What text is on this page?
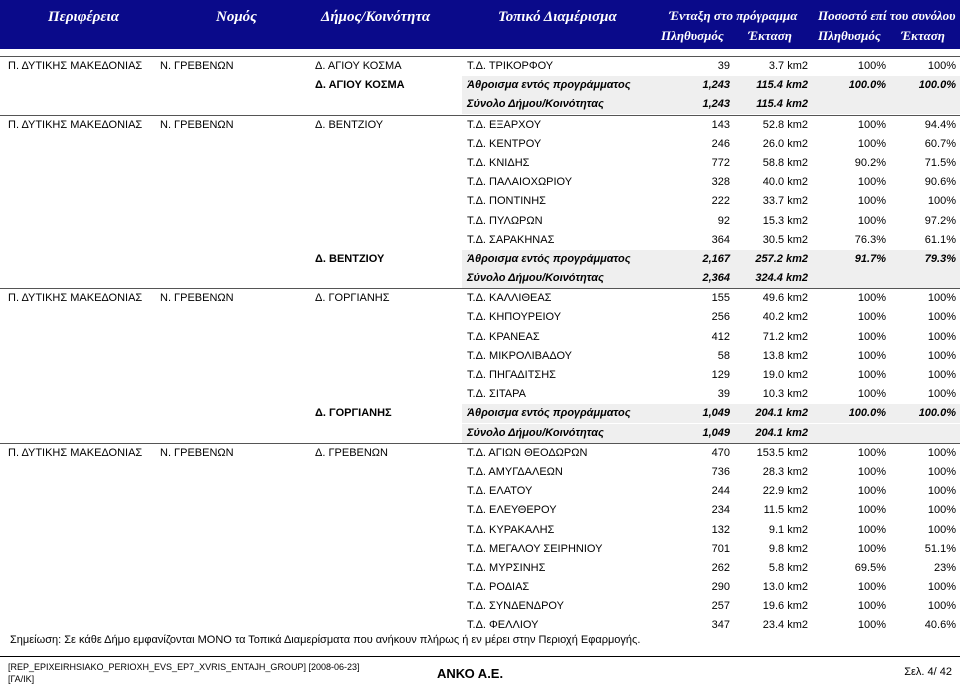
Περιφέρεια	Νομός	Δήμος/Κοινότητα	Τοπικό Διαμέρισμα	Ένταξη στο πρόγραμμα Ποσοστό επί του συνόλου
Πληθυσμός Έκταση Πληθυσμός Έκταση
Π. ΔΥΤΙΚΗΣ ΜΑΚΕΔΟΝΙΑΣ Ν. ΓΡΕΒΕΝΩΝ	Δ. ΑΓΙΟΥ ΚΟΣΜΑ	Τ.Δ. ΤΡΙΚΟΡΦΟΥ	39	3.7 km2	100%	100%
Δ. ΑΓΙΟΥ ΚΟΣΜΑ	Άθροισμα εντός προγράμματος	1,243 115.4 km2	100.0%	100.0%
Σύνολο Δήμου/Κοινότητας	1,243 115.4 km2
Π. ΔΥΤΙΚΗΣ ΜΑΚΕΔΟΝΙΑΣ Ν. ΓΡΕΒΕΝΩΝ	Δ. ΒΕΝΤΖΙΟΥ	Τ.Δ. ΕΞΑΡΧΟΥ	143	52.8 km2	100%	94.4%
Τ.Δ. ΚΕΝΤΡΟΥ	246	26.0 km2	100%	60.7%
Τ.Δ. ΚΝΙΔΗΣ	772	58.8 km2	90.2%	71.5%
Τ.Δ. ΠΑΛΑΙΟΧΩΡΙΟΥ	328	40.0 km2	100%	90.6%
Τ.Δ. ΠΟΝΤΙΝΗΣ	222	33.7 km2	100%	100%
Τ.Δ. ΠΥΛΩΡΩΝ	92	15.3 km2	100%	97.2%
Τ.Δ. ΣΑΡΑΚΗΝΑΣ	364	30.5 km2	76.3%	61.1%
Δ. ΒΕΝΤΖΙΟΥ	Άθροισμα εντός προγράμματος	2,167 257.2 km2	91.7%	79.3%
Σύνολο Δήμου/Κοινότητας	2,364 324.4 km2
Π. ΔΥΤΙΚΗΣ ΜΑΚΕΔΟΝΙΑΣ Ν. ΓΡΕΒΕΝΩΝ	Δ. ΓΟΡΓΙΑΝΗΣ	Τ.Δ. ΚΑΛΛΙΘΕΑΣ	155	49.6 km2	100%	100%
Τ.Δ. ΚΗΠΟΥΡΕΙΟΥ	256	40.2 km2	100%	100%
Τ.Δ. ΚΡΑΝΕΑΣ	412	71.2 km2	100%	100%
Τ.Δ. ΜΙΚΡΟΛΙΒΑΔΟΥ	58	13.8 km2	100%	100%
Τ.Δ. ΠΗΓΑΔΙΤΣΗΣ	129	19.0 km2	100%	100%
Τ.Δ. ΣΙΤΑΡΑ	39	10.3 km2	100%	100%
Δ. ΓΟΡΓΙΑΝΗΣ	Άθροισμα εντός προγράμματος	1,049 204.1 km2	100.0%	100.0%
Σύνολο Δήμου/Κοινότητας	1,049 204.1 km2
Π. ΔΥΤΙΚΗΣ ΜΑΚΕΔΟΝΙΑΣ Ν. ΓΡΕΒΕΝΩΝ	Δ. ΓΡΕΒΕΝΩΝ	Τ.Δ. ΑΓΙΩΝ ΘΕΟΔΩΡΩΝ	470 153.5 km2	100%	100%
Τ.Δ. ΑΜΥΓΔΑΛΕΩΝ	736	28.3 km2	100%	100%
Τ.Δ. ΕΛΑΤΟΥ	244	22.9 km2	100%	100%
Τ.Δ. ΕΛΕΥΘΕΡΟΥ	234	11.5 km2	100%	100%
Τ.Δ. ΚΥΡΑΚΑΛΗΣ	132	9.1 km2	100%	100%
Τ.Δ. ΜΕΓΑΛΟΥ ΣΕΙΡΗΝΙΟΥ	701	9.8 km2	100%	51.1%
Τ.Δ. ΜΥΡΣΙΝΗΣ	262	5.8 km2	69.5%	23%
Τ.Δ. ΡΟΔΙΑΣ	290	13.0 km2	100%	100%
Τ.Δ. ΣΥΝΔΕΝΔΡΟΥ	257	19.6 km2	100%	100%
Τ.Δ. ΦΕΛΛΙΟΥ	347	23.4 km2	100%	40.6%
Σημείωση: Σε κάθε Δήμο εμφανίζονται ΜΟΝΟ τα Τοπικά Διαμερίσματα που ανήκουν πλήρως ή εν μέρει στην Περιοχή Εφαρμογής.
[REP_EPIXEIRHSIAKO_PERIOXH_EVS_EP7_XVRIS_ENTAJH_GROUP] [2008-06-23]
[ΓΑ/ΙΚ]	ΑΝΚΟ Α.Ε.	Σελ. 4/ 42
